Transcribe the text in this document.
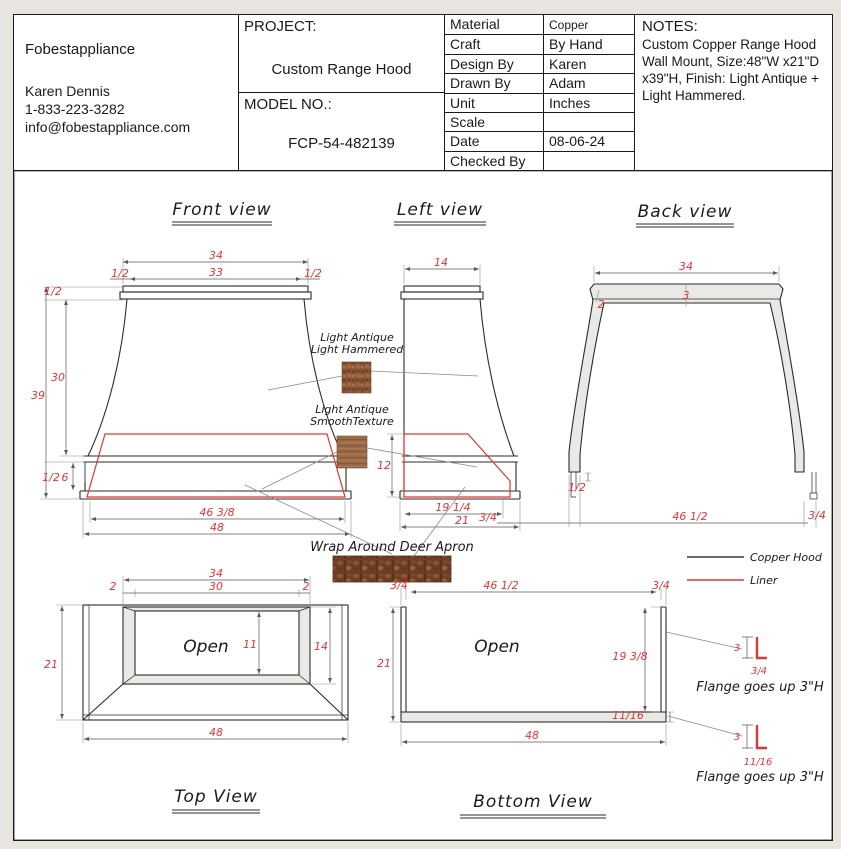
Front view
34
1/2	33	1/2
1/2
30
39
1/2 6
46 3/8
48
Left view
14
12
19 1/4
21
Back view
34
3
2
1/2
3/4	46 1/2	3/4
Copper Hood
Liner
Light Antique
Light Hammered
Light Antique
SmoothTexture
Wrap Around Deer Apron
34
2	30	2
21
11	14
48
Open
Top View
3/4	46 1/2	3/4
21
19 3/8
11/16
48
Open
Bottom View
3
3/4
Flange goes up 3"H
3
11/16
Flange goes up 3"H
Fobestappliance
Karen Dennis
1-833-223-3282
info@fobestappliance.com
PROJECT:
Custom Range Hood
MODEL NO.:
FCP-54-482139
Material	Copper
Craft	By Hand
Design By	Karen
Drawn By	Adam
Unit	Inches
Scale
Date	08-06-24
Checked By
NOTES:
Custom Copper Range Hood Wall Mount, Size:48"W x21"D x39"H, Finish: Light Antique + Light Hammered.
